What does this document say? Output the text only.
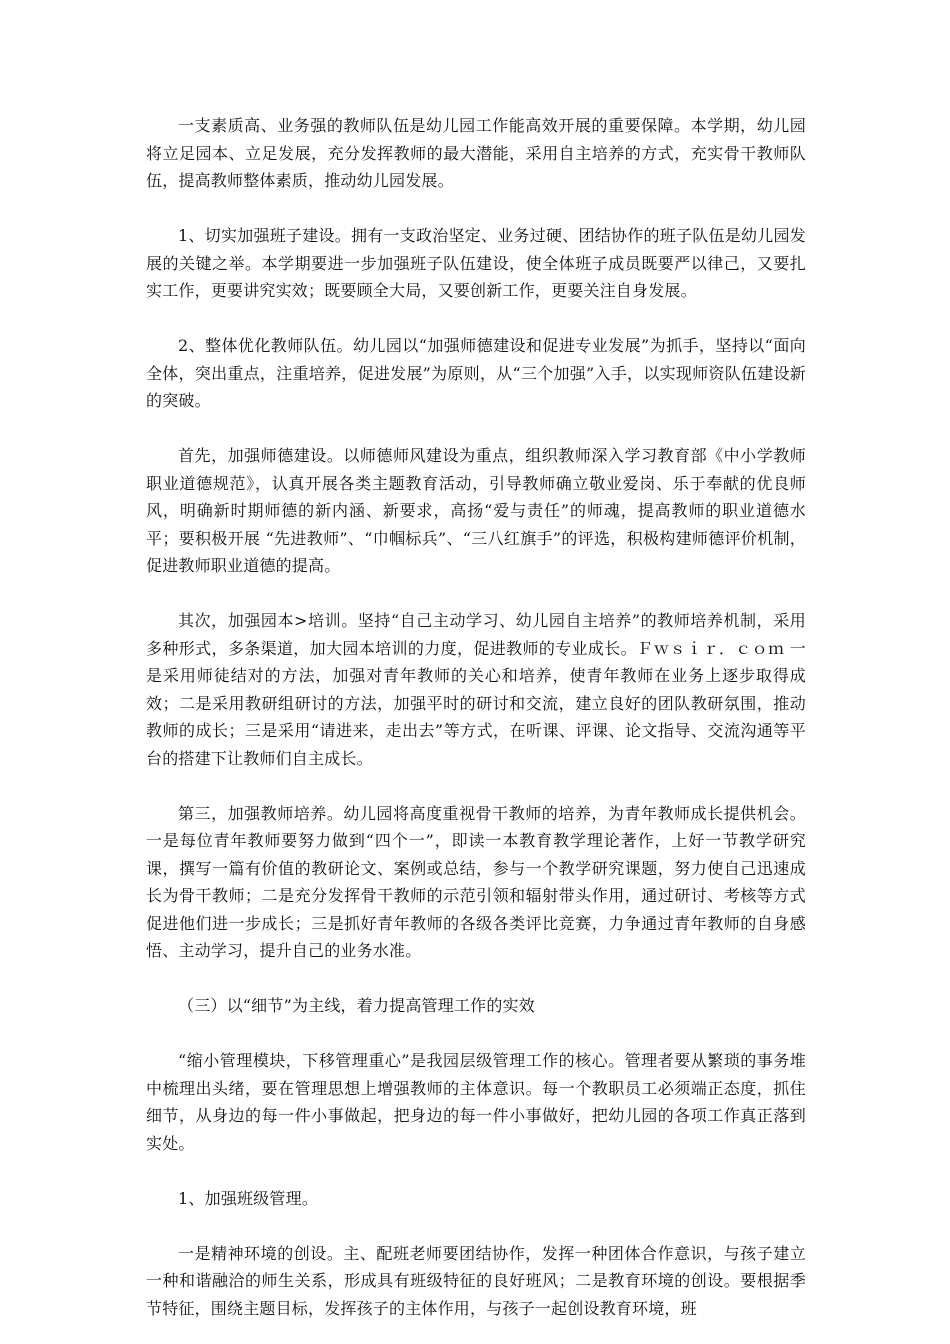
一支素质高、业务强的教师队伍是幼儿园工作能高效开展的重要保障。本学期，幼儿园将立足园本、立足发展，充分发挥教师的最大潜能，采用自主培养的方式，充实骨干教师队伍，提高教师整体素质，推动幼儿园发展。

1、切实加强班子建设。拥有一支政治坚定、业务过硬、团结协作的班子队伍是幼儿园发展的关键之举。本学期要进一步加强班子队伍建设，使全体班子成员既要严以律己，又要扎实工作，更要讲究实效；既要顾全大局，又要创新工作，更要关注自身发展。

2、整体优化教师队伍。幼儿园以“加强师德建设和促进专业发展”为抓手，坚持以“面向全体，突出重点，注重培养，促进发展”为原则，从“三个加强”入手，以实现师资队伍建设新的突破。

首先，加强师德建设。以师德师风建设为重点，组织教师深入学习教育部《中小学教师职业道德规范》，认真开展各类主题教育活动，引导教师确立敬业爱岗、乐于奉献的优良师风，明确新时期师德的新内涵、新要求，高扬“爱与责任”的师魂，提高教师的职业道德水平；要积极开展 “先进教师”、“巾帼标兵”、“三八红旗手”的评选，积极构建师德评价机制，促进教师职业道德的提高。

其次，加强园本>培训。坚持“自己主动学习、幼儿园自主培养”的教师培养机制，采用多种形式，多条渠道，加大园本培训的力度，促进教师的专业成长。Ｆｗｓｉｒ．ｃｏｍ 一是采用师徒结对的方法，加强对青年教师的关心和培养，使青年教师在业务上逐步取得成效；二是采用教研组研讨的方法，加强平时的研讨和交流，建立良好的团队教研氛围，推动教师的成长；三是采用“请进来，走出去”等方式，在听课、评课、论文指导、交流沟通等平台的搭建下让教师们自主成长。

第三，加强教师培养。幼儿园将高度重视骨干教师的培养，为青年教师成长提供机会。一是每位青年教师要努力做到“四个一”，即读一本教育教学理论著作，上好一节教学研究课，撰写一篇有价值的教研论文、案例或总结，参与一个教学研究课题，努力使自己迅速成长为骨干教师；二是充分发挥骨干教师的示范引领和辐射带头作用，通过研讨、考核等方式促进他们进一步成长；三是抓好青年教师的各级各类评比竞赛，力争通过青年教师的自身感悟、主动学习，提升自己的业务水准。

（三）以“细节”为主线，着力提高管理工作的实效

“缩小管理模块，下移管理重心”是我园层级管理工作的核心。管理者要从繁琐的事务堆中梳理出头绪，要在管理思想上增强教师的主体意识。每一个教职员工必须端正态度，抓住细节，从身边的每一件小事做起，把身边的每一件小事做好，把幼儿园的各项工作真正落到实处。

1、加强班级管理。

一是精神环境的创设。主、配班老师要团结协作，发挥一种团体合作意识，与孩子建立一种和谐融洽的师生关系，形成具有班级特征的良好班风；二是教育环境的创设。要根据季节特征，围绕主题目标，发挥孩子的主体作用，与孩子一起创设教育环境，班
